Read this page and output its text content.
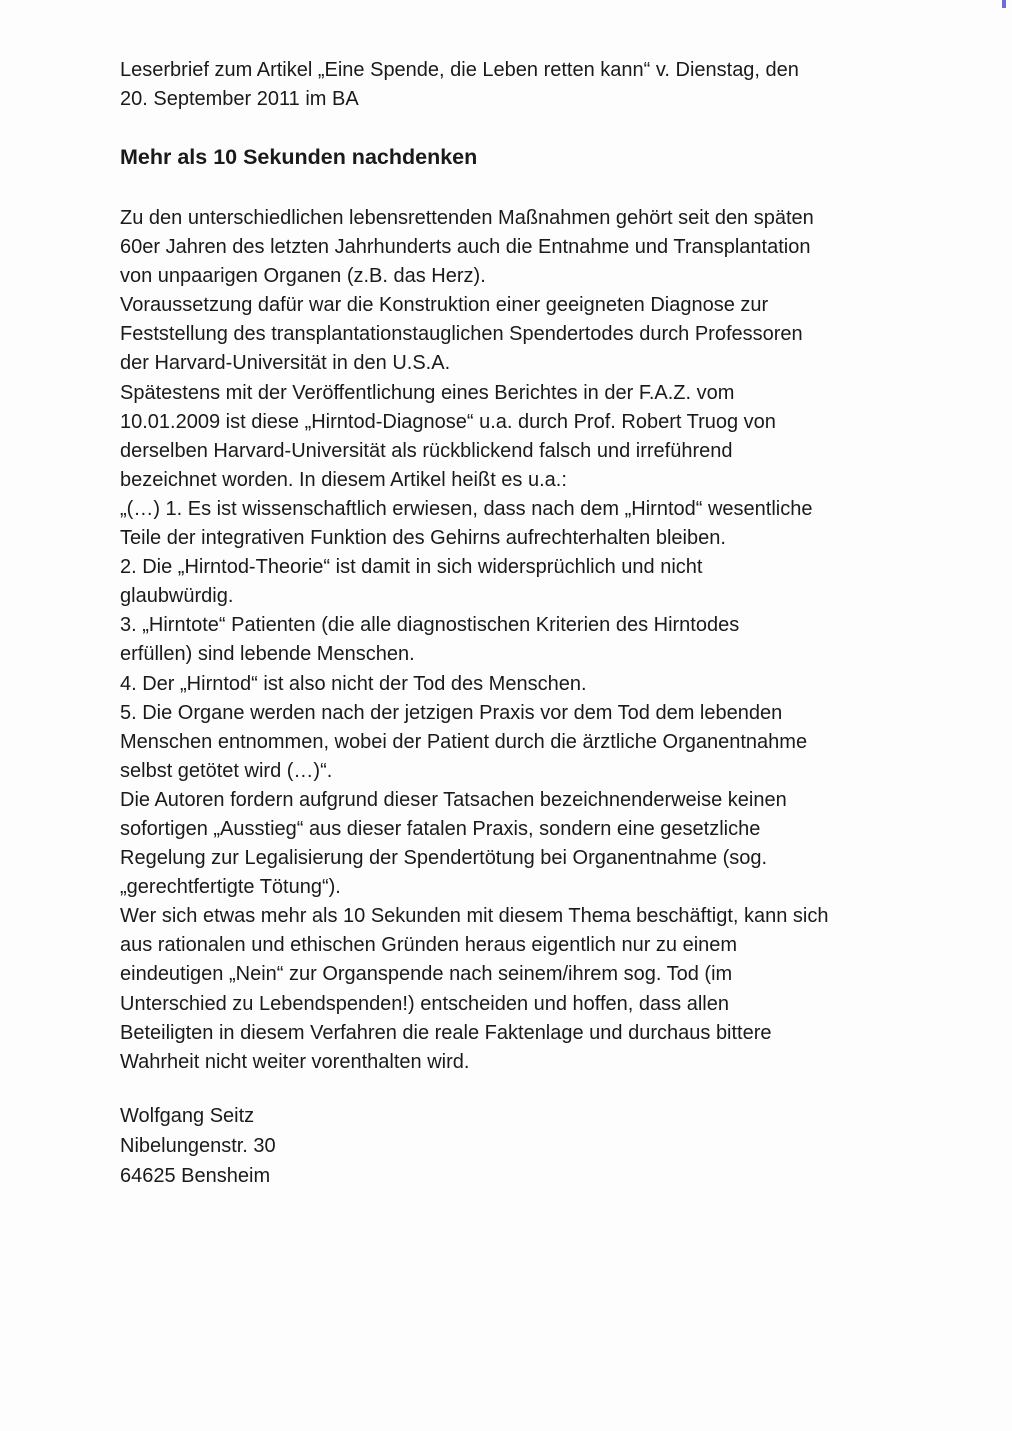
Leserbrief zum Artikel „Eine Spende, die Leben retten kann“ v. Dienstag, den
20. September 2011 im BA
Mehr als 10 Sekunden nachdenken
Zu den unterschiedlichen lebensrettenden Maßnahmen gehört seit den späten
60er Jahren des letzten Jahrhunderts auch die Entnahme und Transplantation
von unpaarigen Organen (z.B. das Herz).
Voraussetzung dafür war die Konstruktion einer geeigneten Diagnose zur
Feststellung des transplantationstauglichen Spendertodes durch Professoren
der Harvard-Universität in den U.S.A.
Spätestens mit der Veröffentlichung eines Berichtes in der F.A.Z. vom
10.01.2009 ist diese „Hirntod-Diagnose“ u.a. durch Prof. Robert Truog von
derselben Harvard-Universität als rückblickend falsch und irreführend
bezeichnet worden. In diesem Artikel heißt es u.a.:
„(…) 1. Es ist wissenschaftlich erwiesen, dass nach dem „Hirntod“ wesentliche
Teile der integrativen Funktion des Gehirns aufrechterhalten bleiben.
2. Die „Hirntod-Theorie“ ist damit in sich widersprüchlich und nicht
glaubwürdig.
3. „Hirntote“ Patienten (die alle diagnostischen Kriterien des Hirntodes
erfüllen) sind lebende Menschen.
4. Der „Hirntod“ ist also nicht der Tod des Menschen.
5. Die Organe werden nach der jetzigen Praxis vor dem Tod dem lebenden
Menschen entnommen, wobei der Patient durch die ärztliche Organentnahme
selbst getötet wird (…)“.
Die Autoren fordern aufgrund dieser Tatsachen bezeichnenderweise keinen
sofortigen „Ausstieg“ aus dieser fatalen Praxis, sondern eine gesetzliche
Regelung zur Legalisierung der Spendertötung bei Organentnahme (sog.
„gerechtfertigte Tötung“).
Wer sich etwas mehr als 10 Sekunden mit diesem Thema beschäftigt, kann sich
aus rationalen und ethischen Gründen heraus eigentlich nur zu einem
eindeutigen „Nein“ zur Organspende nach seinem/ihrem sog. Tod (im
Unterschied zu Lebendspenden!) entscheiden und hoffen, dass allen
Beteiligten in diesem Verfahren die reale Faktenlage und durchaus bittere
Wahrheit nicht weiter vorenthalten wird.
Wolfgang Seitz
Nibelungenstr. 30
64625 Bensheim
